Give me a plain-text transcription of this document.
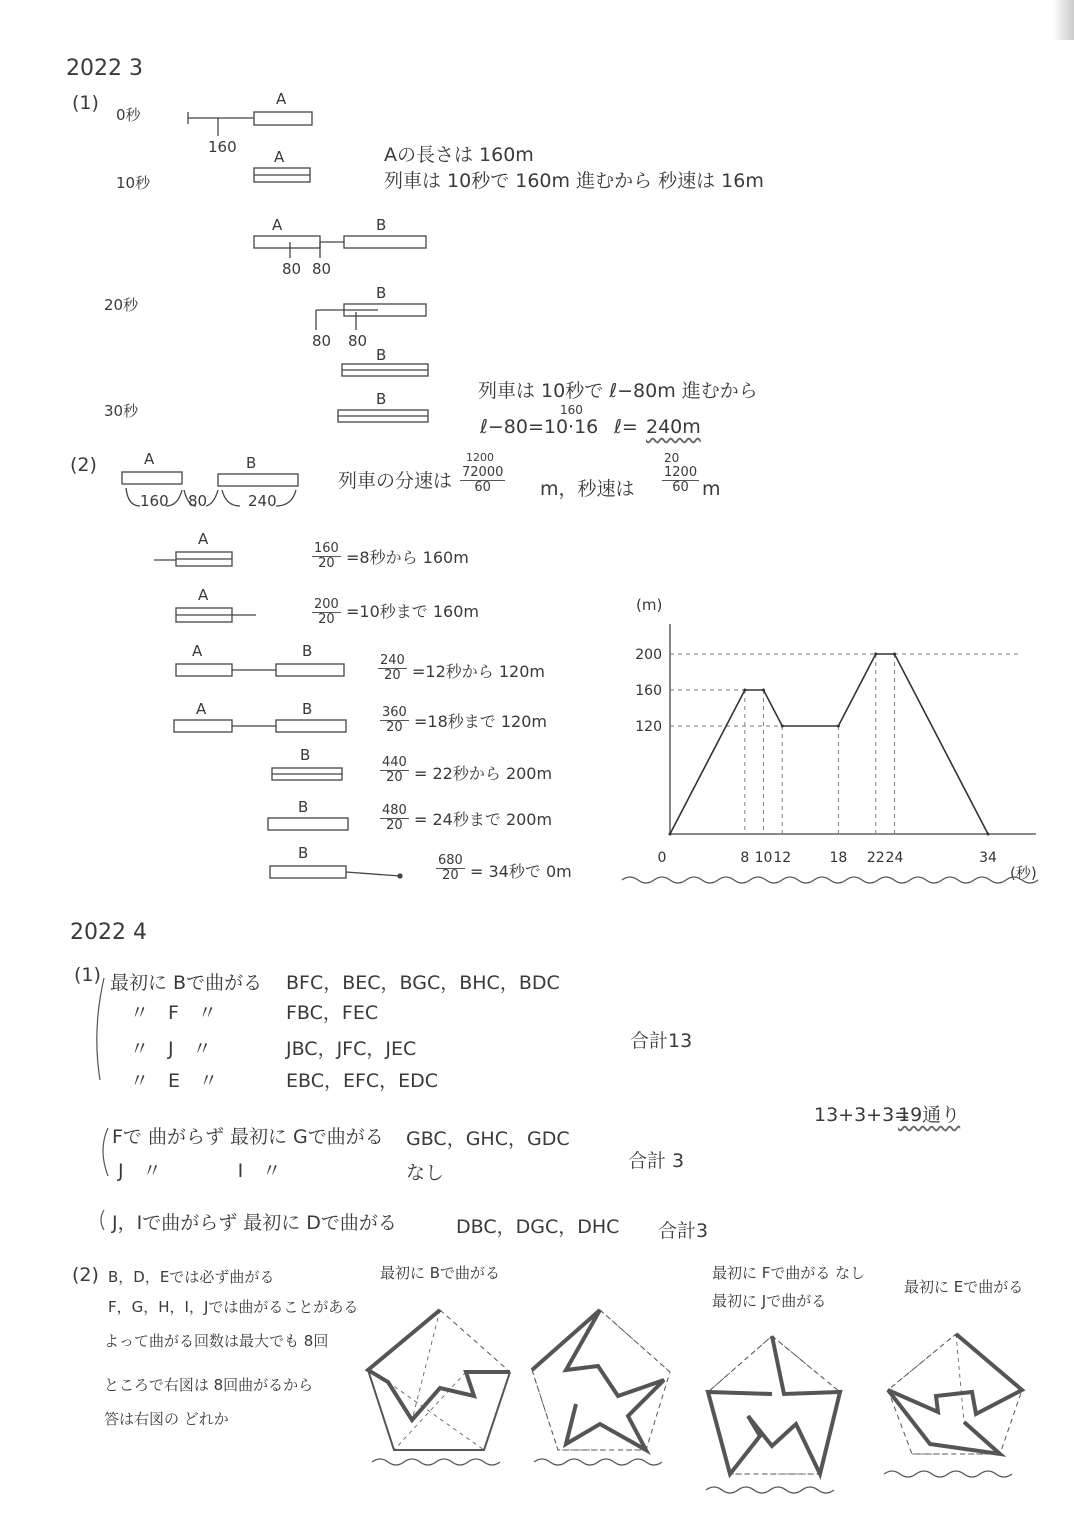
2022 3
(1)
0秒
10秒
20秒
30秒
A
160
A
A	B
80 80
B
80 80
B
B
Aの長さは 160m
列車は 10秒で 160m 進むから 秒速は 16m
列車は 10秒で ℓ−80m 進むから
ℓ−80=10·16
160
ℓ= 240m
(2)	A	B
160 80	240
列車の分速は
1200
$\frac{72000}{60}$ m，秒速は
20
$\frac{1200}{60}$ m
A
A
A	B
A	B
B
B
B
$\frac{160}{20} =8$秒から 160m
$\frac{200}{20} =10$秒まで 160m
$\frac{240}{20} =12$秒から 120m
$\frac{360}{20} =18$秒まで 120m
$\frac{440}{20} = 22$秒から 200m
$\frac{480}{20} = 24$秒まで 200m
$\frac{680}{20} = 34$秒で 0m
120
160
200
0	8 10 12	18 22 24	34
(m)
(秒)
2022 4
(1) 最初に Bで曲がる BFC，BEC，BGC，BHC，BDC
〃　F　〃	FBC，FEC
〃　J　〃	JBC，JFC，JEC
〃　E　〃	EBC，EFC，EDC
合計13
13+3+3=
19通り
Fで 曲がらず 最初に Gで曲がる GBC，GHC，GDC
J　〃　　　　I　〃	なし
合計 3
J，Iで曲がらず 最初に Dで曲がる	DBC，DGC，DHC 合計3
(2) B，D，Eでは必ず曲がる
F，G，H，I，Jでは曲がることがある
よって曲がる回数は最大でも 8回
ところで右図は 8回曲がるから
答は右図の どれか
最初に Bで曲がる	最初に Fで曲がる なし
最初に Jで曲がる
最初に Eで曲がる
